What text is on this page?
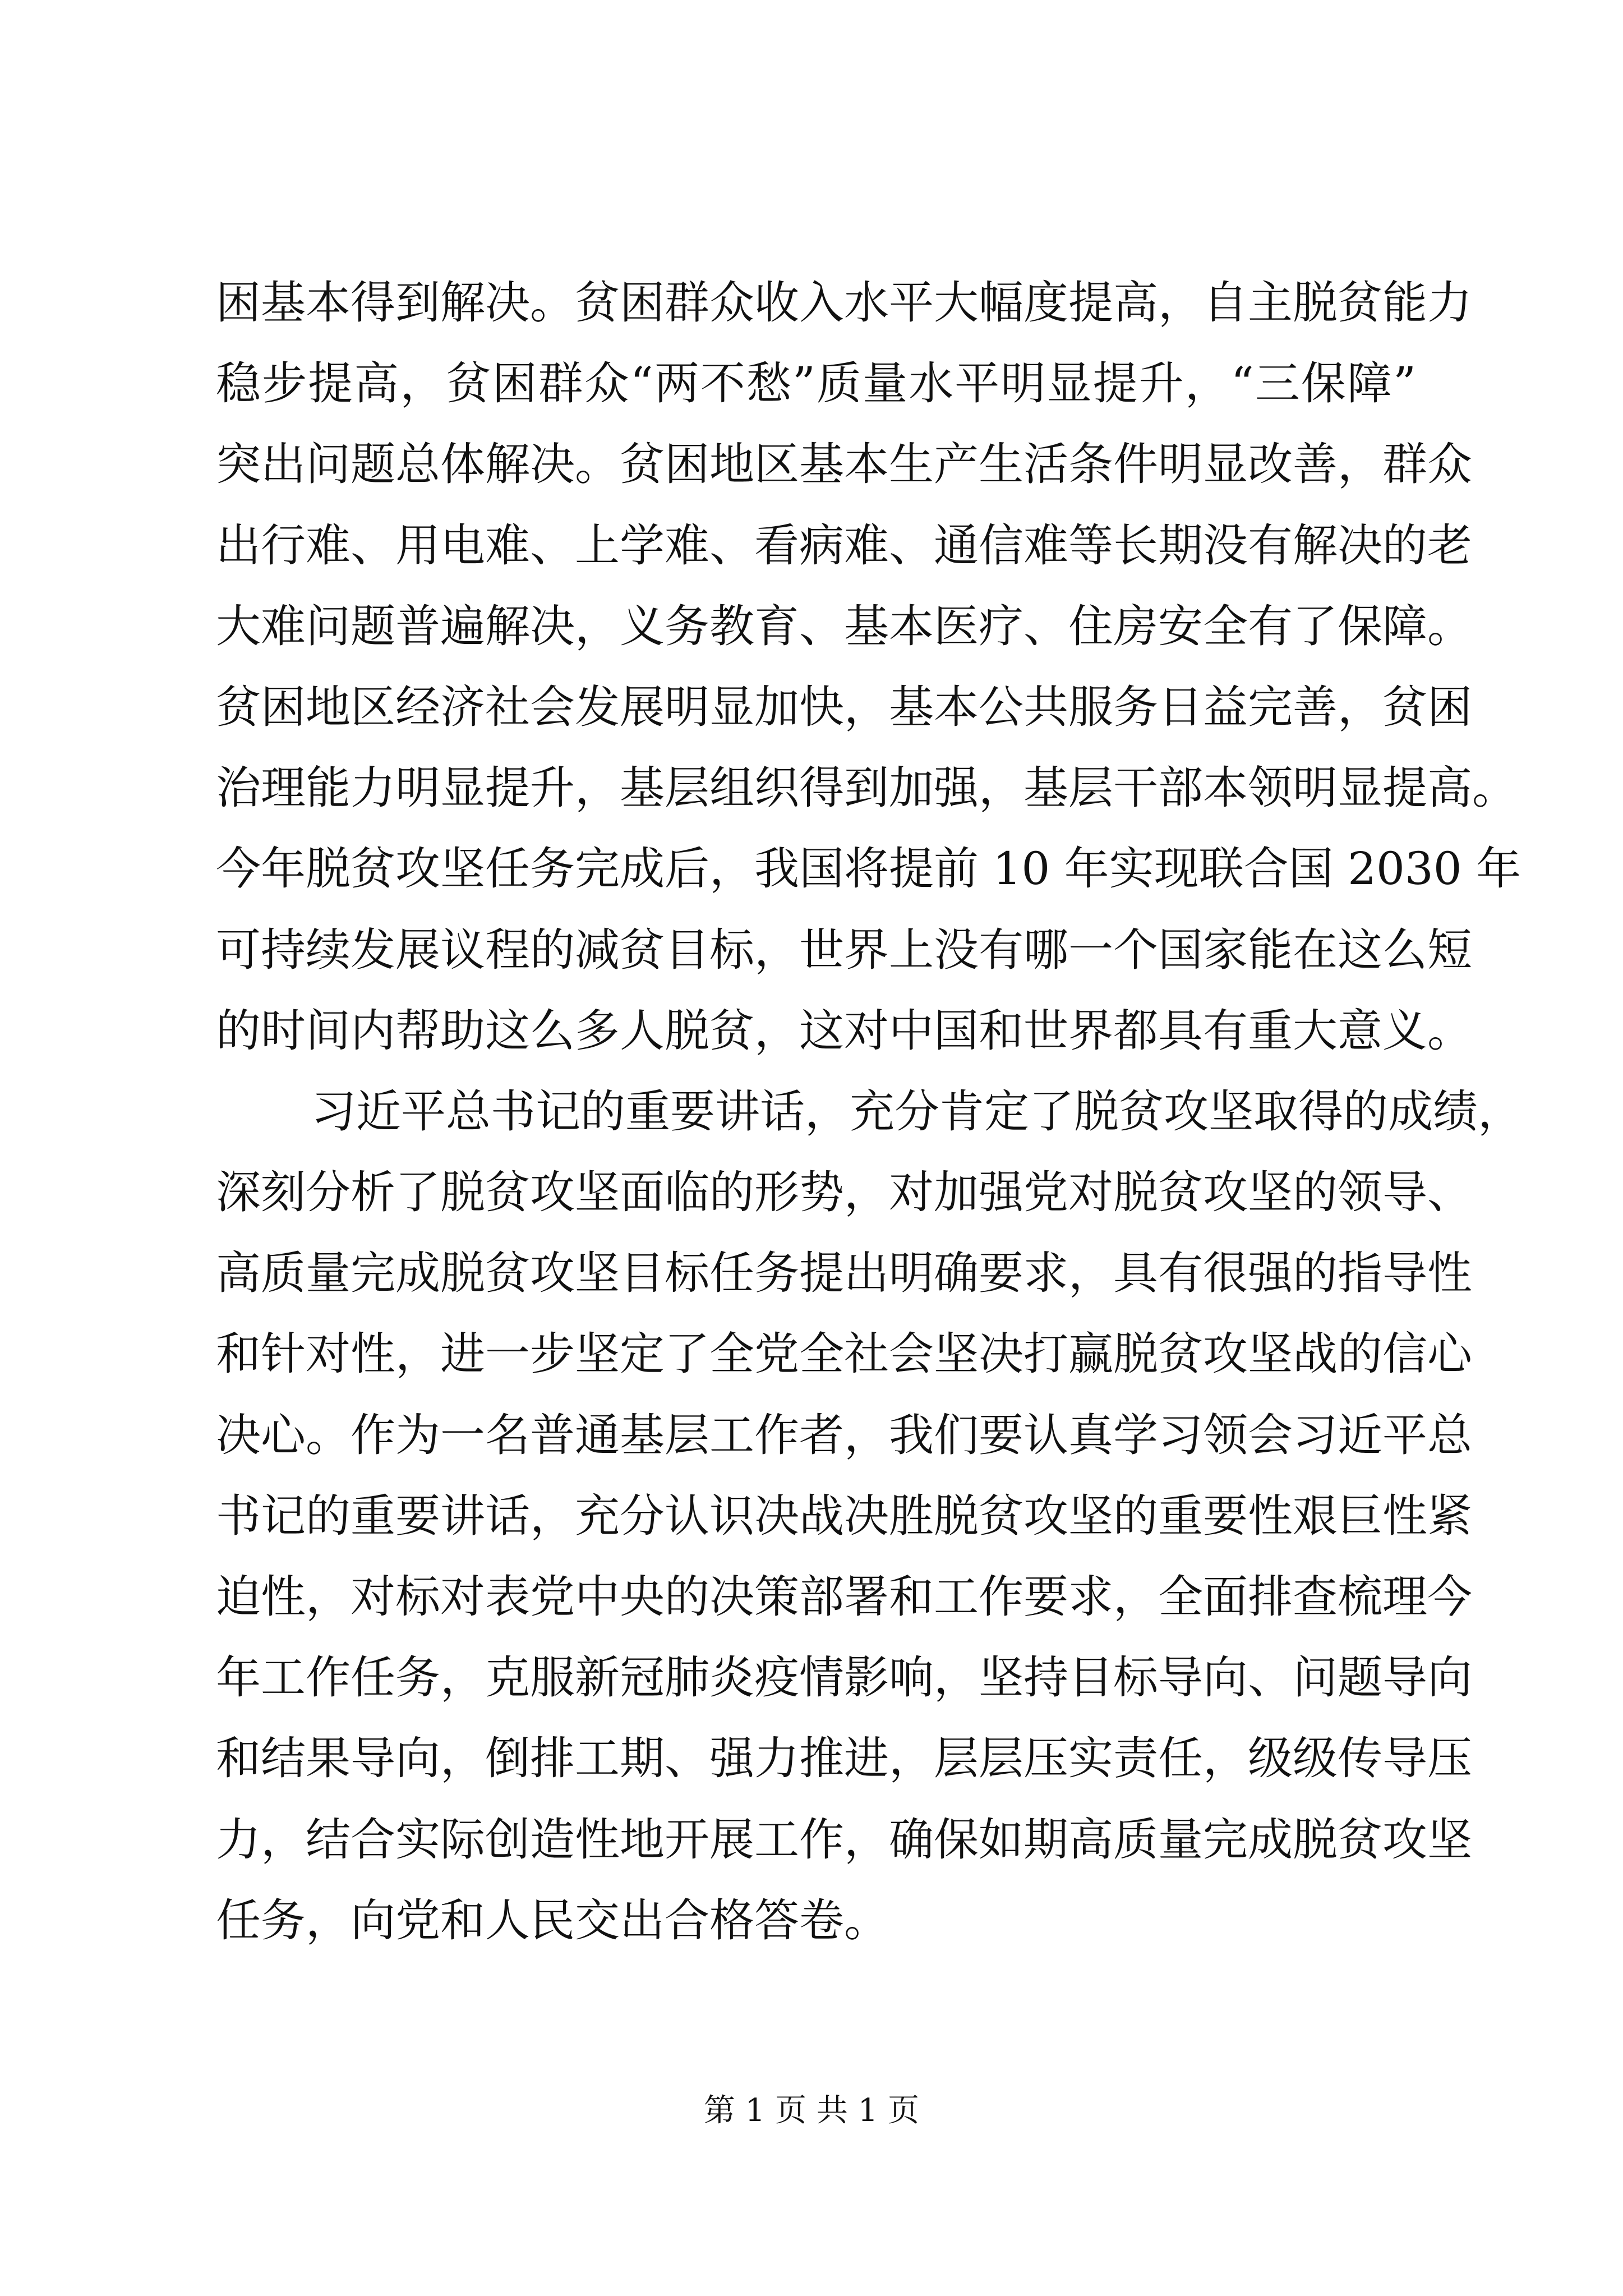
困基本得到解决。贫困群众收入水平大幅度提高，自主脱贫能力
稳步提高，贫困群众“两不愁”质量水平明显提升，“三保障”
突出问题总体解决。贫困地区基本生产生活条件明显改善，群众
出行难、用电难、上学难、看病难、通信难等长期没有解决的老
大难问题普遍解决，义务教育、基本医疗、住房安全有了保障。
贫困地区经济社会发展明显加快，基本公共服务日益完善，贫困
治理能力明显提升，基层组织得到加强，基层干部本领明显提高。
今年脱贫攻坚任务完成后，我国将提前 10 年实现联合国 2030 年
可持续发展议程的减贫目标，世界上没有哪一个国家能在这么短
的时间内帮助这么多人脱贫，这对中国和世界都具有重大意义。
习近平总书记的重要讲话，充分肯定了脱贫攻坚取得的成绩，
深刻分析了脱贫攻坚面临的形势，对加强党对脱贫攻坚的领导、
高质量完成脱贫攻坚目标任务提出明确要求，具有很强的指导性
和针对性，进一步坚定了全党全社会坚决打赢脱贫攻坚战的信心
决心。作为一名普通基层工作者，我们要认真学习领会习近平总
书记的重要讲话，充分认识决战决胜脱贫攻坚的重要性艰巨性紧
迫性，对标对表党中央的决策部署和工作要求，全面排查梳理今
年工作任务，克服新冠肺炎疫情影响，坚持目标导向、问题导向
和结果导向，倒排工期、强力推进，层层压实责任，级级传导压
力，结合实际创造性地开展工作，确保如期高质量完成脱贫攻坚
任务，向党和人民交出合格答卷。
第 1 页 共 1 页
